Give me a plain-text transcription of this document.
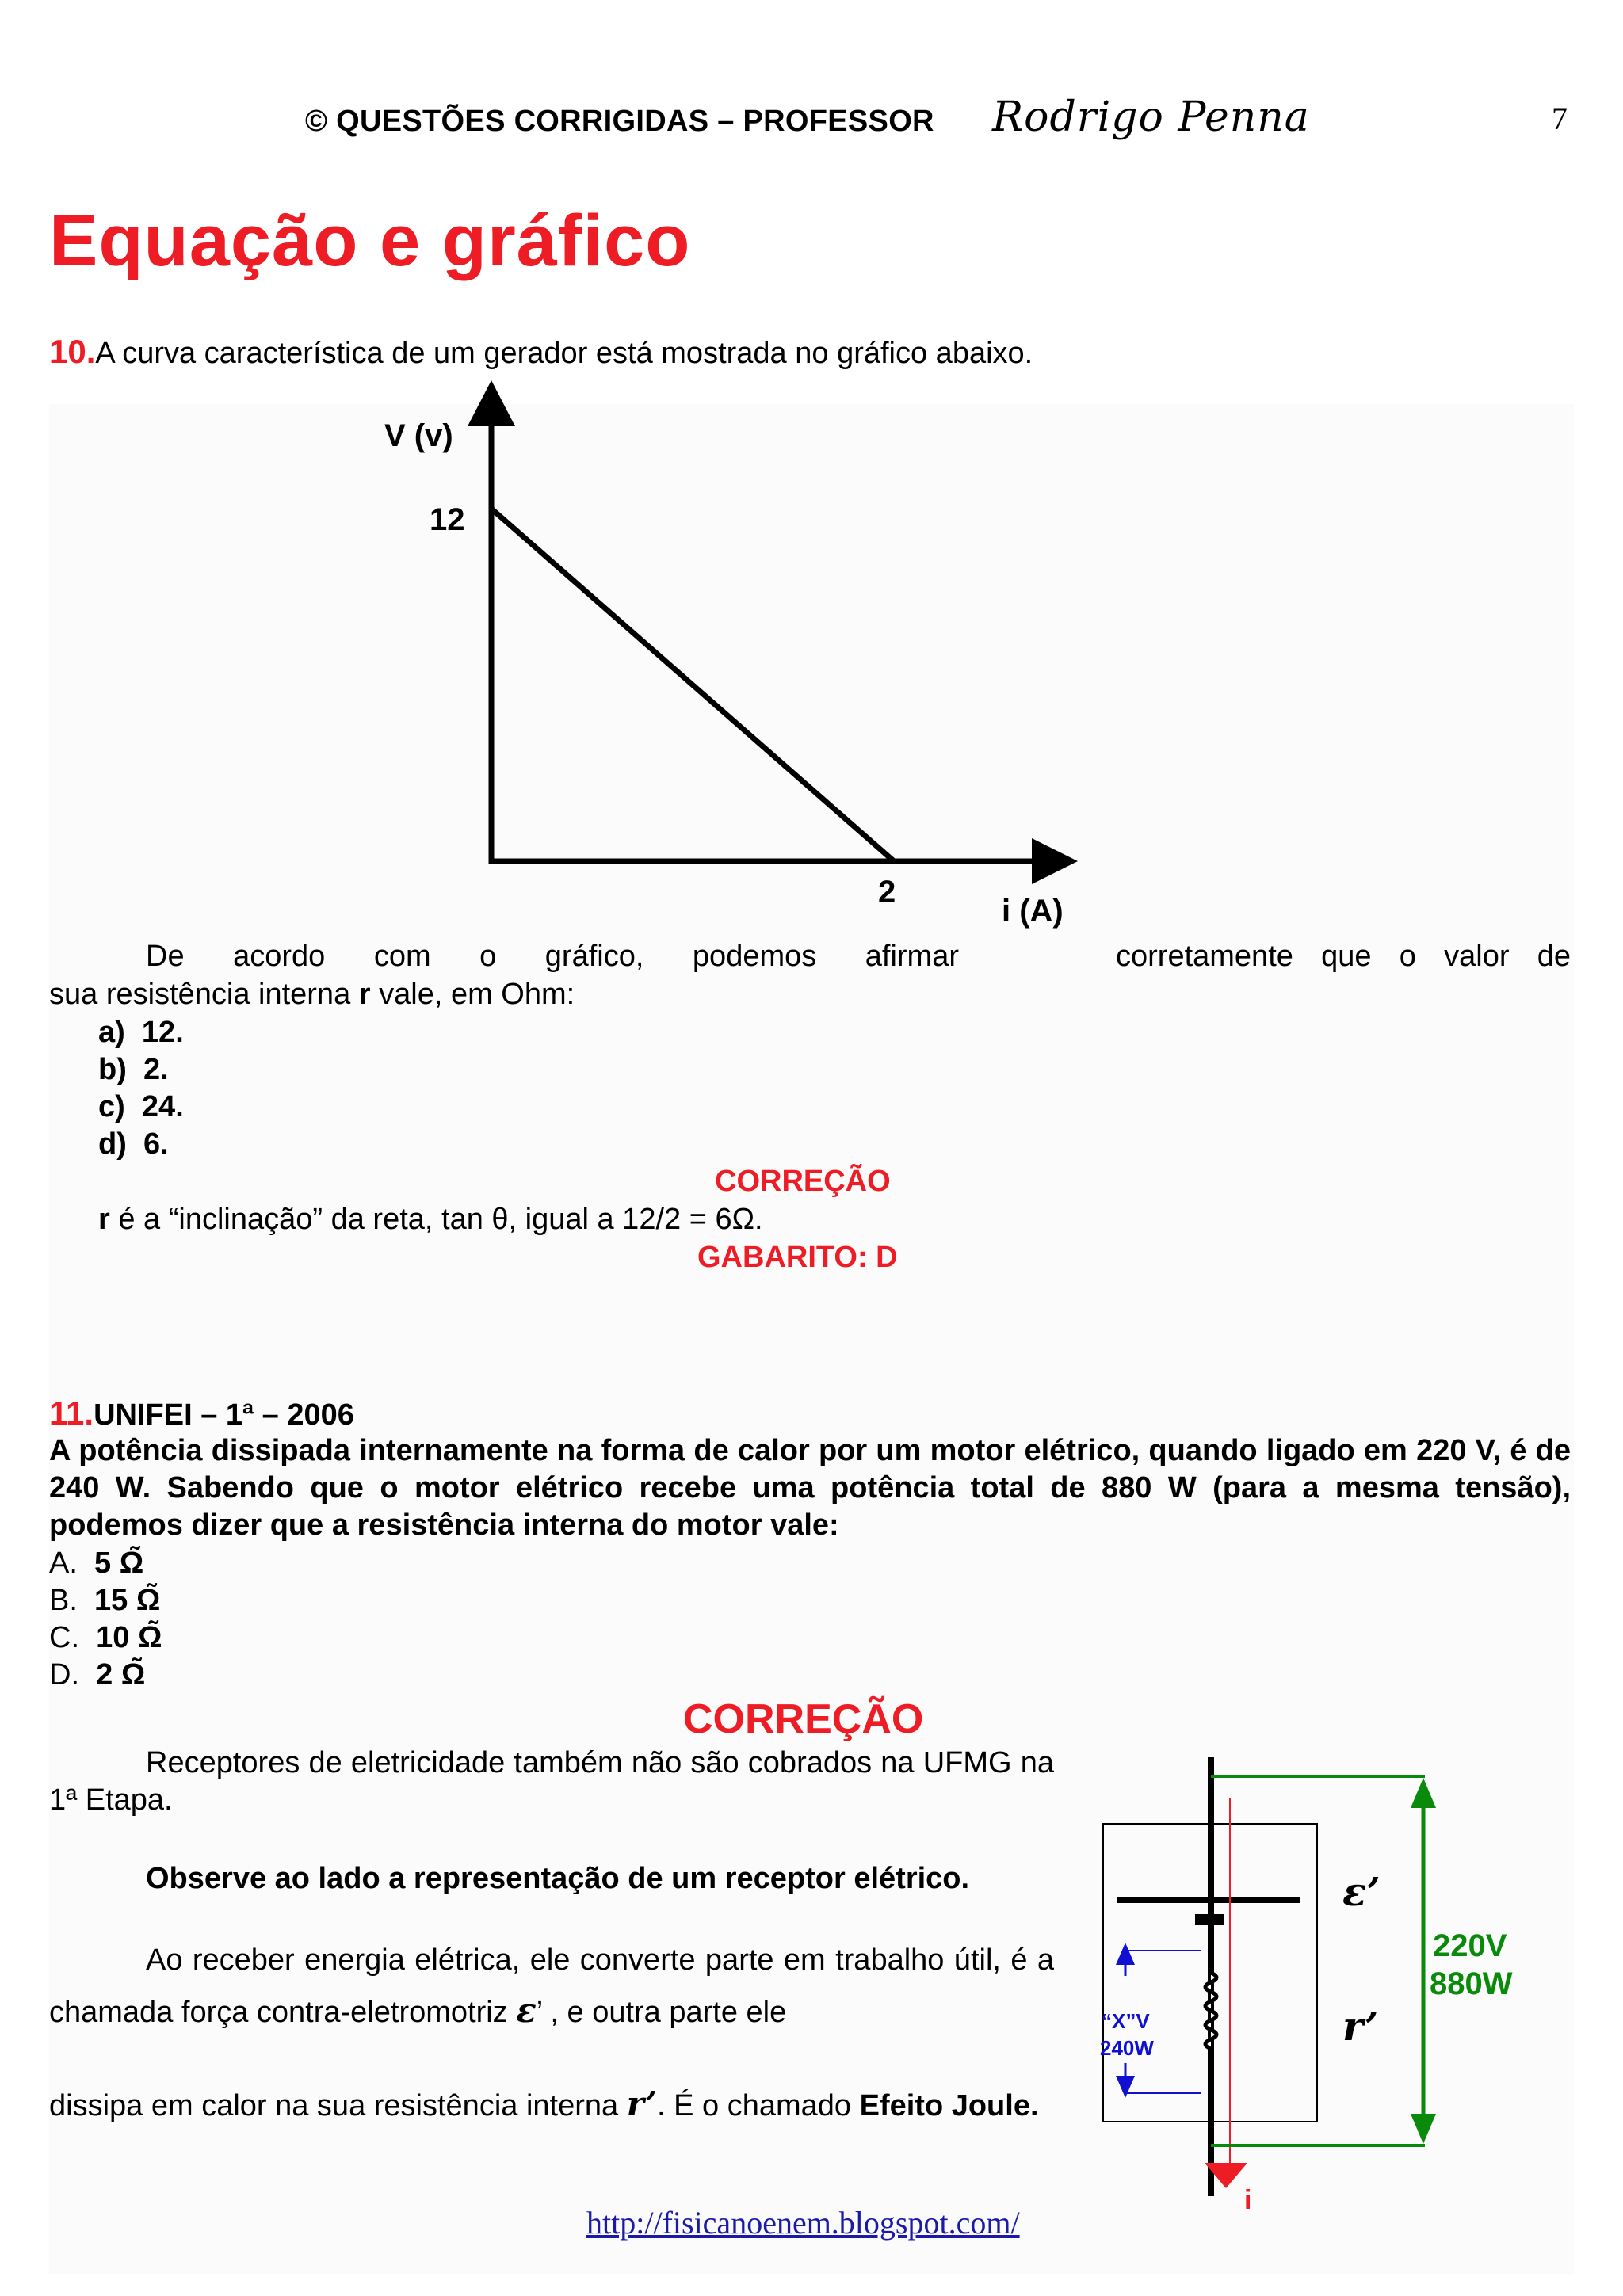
© QUESTÕES CORRIGIDAS – PROFESSOR Rodrigo Penna	7
Equação e gráfico
10.A curva característica de um gerador está mostrada no gráfico abaixo.
V (v)
12
2
i (A)
De acordo com o gráfico, podemos afirmar	corretamente que o valor de
sua resistência interna r vale, em Ohm:
a) 12.
b) 2.
c) 24.
d) 6.
CORREÇÃO
r é a “inclinação” da reta, tan θ, igual a 12/2 = 6Ω.
GABARITO: D
11.UNIFEI – 1ª – 2006
A potência dissipada internamente na forma de calor por um motor elétrico, quando ligado em 220 V, é de 240 W. Sabendo que o motor elétrico recebe uma potência total de 880 W (para a mesma tensão), podemos dizer que a resistência interna do motor vale:
A. 5 Ω̃
B. 15 Ω̃
C. 10 Ω̃
D. 2 Ω̃
CORREÇÃO
Receptores de eletricidade também não são cobrados na UFMG na 1ª Etapa.
Observe ao lado a representação de um receptor elétrico.
Ao receber energia elétrica, ele converte parte em trabalho útil, é a chamada força contra-eletromotriz ε’ , e outra parte ele
dissipa em calor na sua resistência interna r’. É o chamado Efeito Joule.
ε’
r’
220V
880W
“X”V
240W
i
http://fisicanoenem.blogspot.com/
